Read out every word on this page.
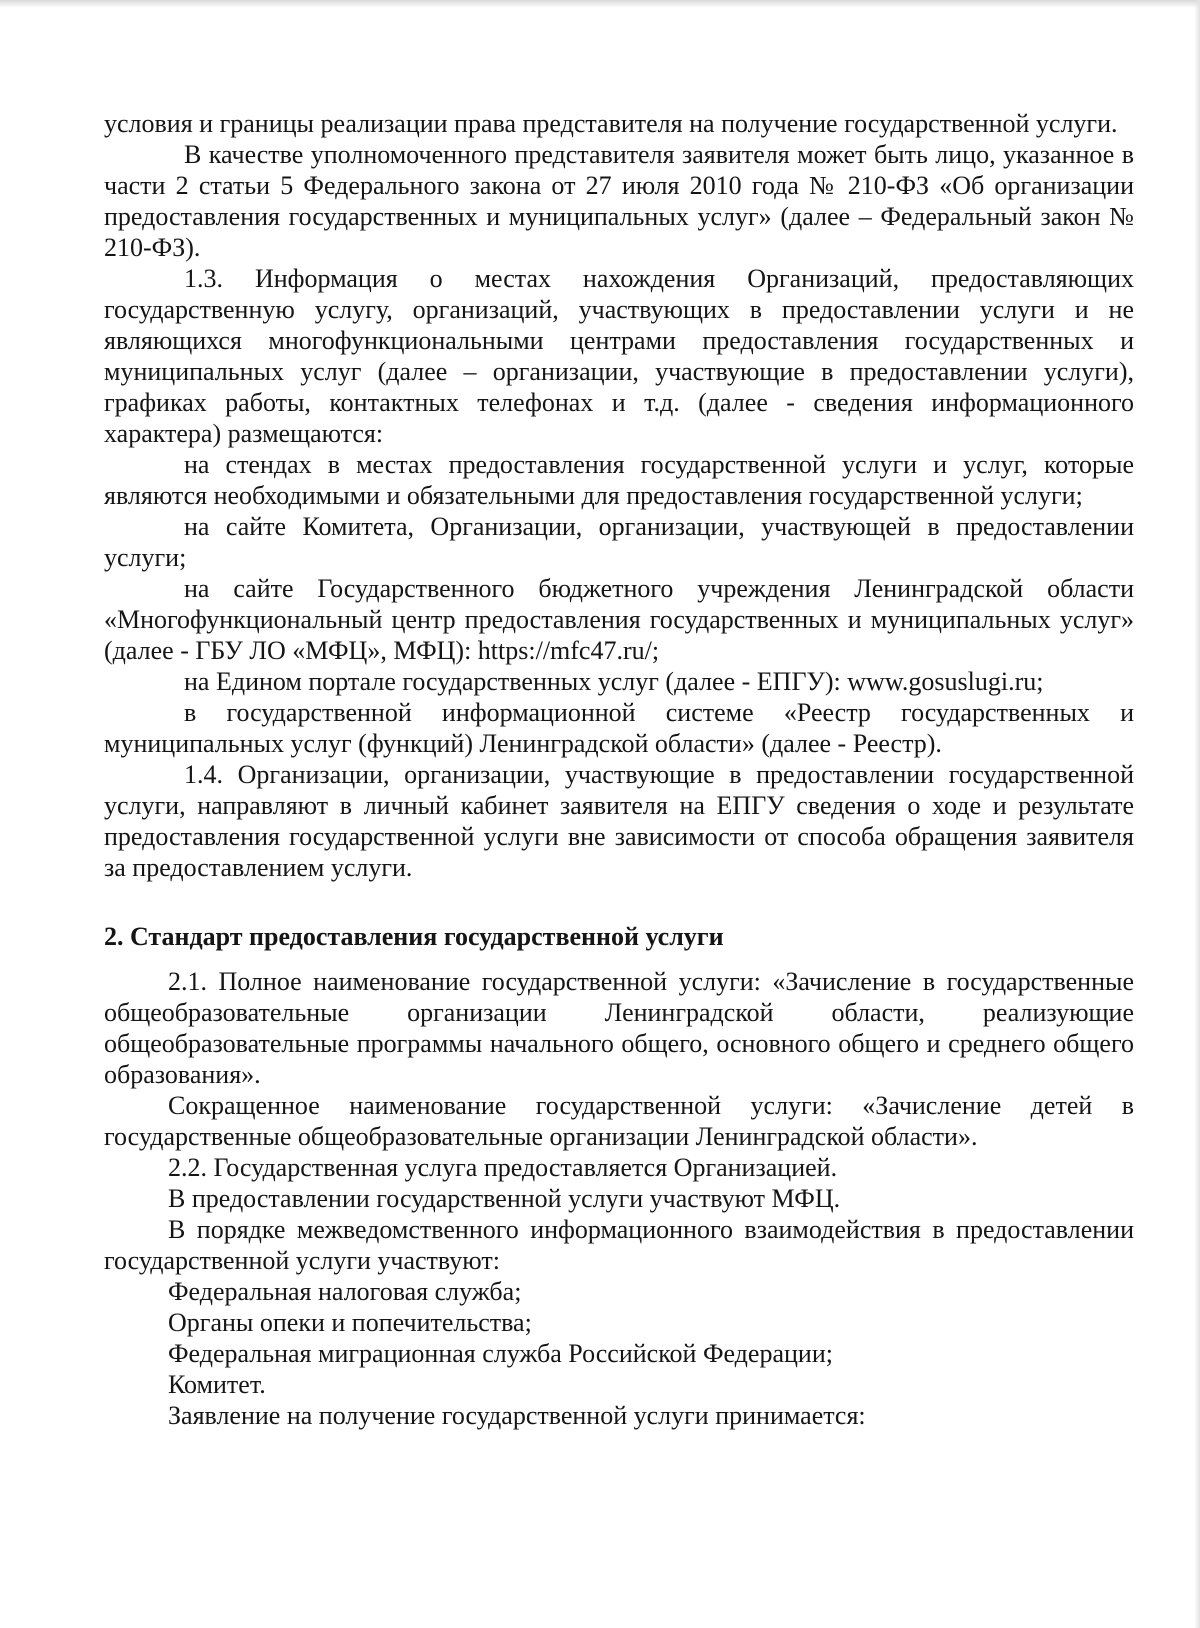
условия и границы реализации права представителя на получение государственной услуги.

В качестве уполномоченного представителя заявителя может быть лицо, указанное в части 2 статьи 5 Федерального закона от 27 июля 2010 года № 210-ФЗ «Об организации предоставления государственных и муниципальных услуг» (далее – Федеральный закон № 210-ФЗ).

1.3. Информация о местах нахождения Организаций, предоставляющих государственную услугу, организаций, участвующих в предоставлении услуги и не являющихся многофункциональными центрами предоставления государственных и муниципальных услуг (далее – организации, участвующие в предоставлении услуги), графиках работы, контактных телефонах и т.д. (далее - сведения информационного характера) размещаются:

на стендах в местах предоставления государственной услуги и услуг, которые являются необходимыми и обязательными для предоставления государственной услуги;

на сайте Комитета, Организации, организации, участвующей в предоставлении услуги;

на сайте Государственного бюджетного учреждения Ленинградской области «Многофункциональный центр предоставления государственных и муниципальных услуг» (далее - ГБУ ЛО «МФЦ», МФЦ): https://mfc47.ru/;

на Едином портале государственных услуг (далее - ЕПГУ): www.gosuslugi.ru;

в государственной информационной системе «Реестр государственных и муниципальных услуг (функций) Ленинградской области» (далее - Реестр).

1.4. Организации, организации, участвующие в предоставлении государственной услуги, направляют в личный кабинет заявителя на ЕПГУ сведения о ходе и результате предоставления государственной услуги вне зависимости от способа обращения заявителя за предоставлением услуги.

2. Стандарт предоставления государственной услуги

2.1. Полное наименование государственной услуги: «Зачисление в государственные общеобразовательные организации Ленинградской области, реализующие общеобразовательные программы начального общего, основного общего и среднего общего образования».

Сокращенное наименование государственной услуги: «Зачисление детей в государственные общеобразовательные организации Ленинградской области».

2.2. Государственная услуга предоставляется Организацией.

В предоставлении государственной услуги участвуют МФЦ.

В порядке межведомственного информационного взаимодействия в предоставлении государственной услуги участвуют:

Федеральная налоговая служба;

Органы опеки и попечительства;

Федеральная миграционная служба Российской Федерации;

Комитет.

Заявление на получение государственной услуги принимается:
